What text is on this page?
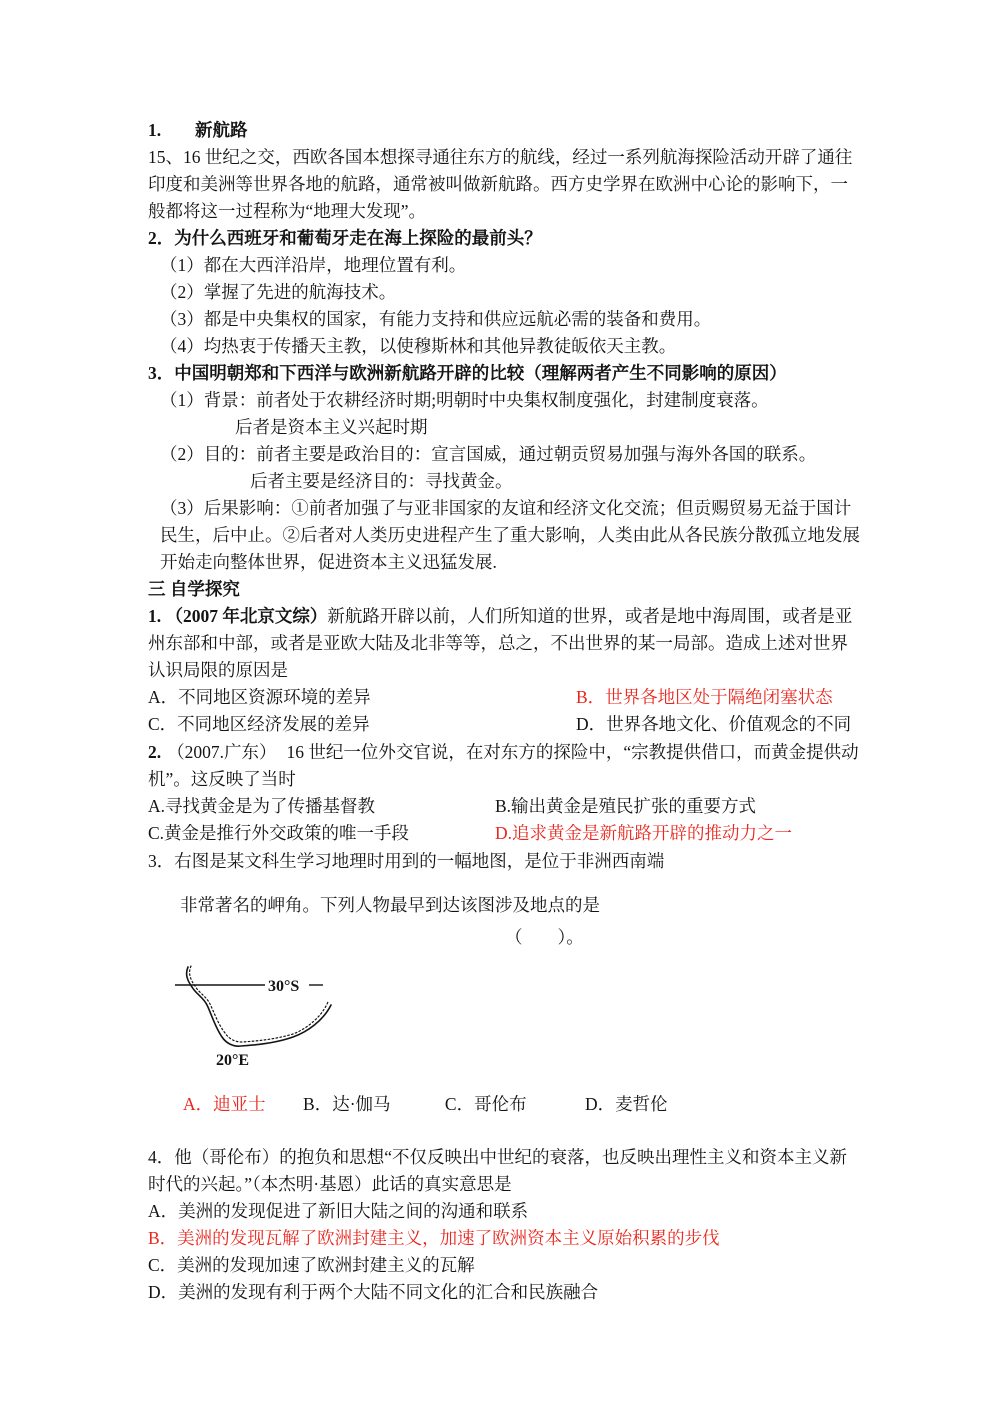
1.	新航路

15、16 世纪之交，西欧各国本想探寻通往东方的航线，经过一系列航海探险活动开辟了通往印度和美洲等世界各地的航路，通常被叫做新航路。西方史学界在欧洲中心论的影响下，一般都将这一过程称为“地理大发现”。

2．为什么西班牙和葡萄牙走在海上探险的最前头？

（1）都在大西洋沿岸，地理位置有利。

（2）掌握了先进的航海技术。

（3）都是中央集权的国家，有能力支持和供应远航必需的装备和费用。

（4）均热衷于传播天主教，以使穆斯林和其他异教徒皈依天主教。

3．中国明朝郑和下西洋与欧洲新航路开辟的比较（理解两者产生不同影响的原因）

（1）背景：前者处于农耕经济时期;明朝时中央集权制度强化，封建制度衰落。

后者是资本主义兴起时期

（2）目的：前者主要是政治目的：宣言国威，通过朝贡贸易加强与海外各国的联系。

后者主要是经济目的：寻找黄金。

（3）后果影响：①前者加强了与亚非国家的友谊和经济文化交流；但贡赐贸易无益于国计民生，后中止。②后者对人类历史进程产生了重大影响，人类由此从各民族分散孤立地发展开始走向整体世界，促进资本主义迅猛发展.

三 自学探究

1. （2007 年北京文综）新航路开辟以前，人们所知道的世界，或者是地中海周围，或者是亚州东部和中部，或者是亚欧大陆及北非等等，总之，不出世界的某一局部。造成上述对世界认识局限的原因是

A．不同地区资源环境的差异	B．世界各地区处于隔绝闭塞状态

C．不同地区经济发展的差异	D．世界各地文化、价值观念的不同

2. （2007.广东） 16 世纪一位外交官说，在对东方的探险中，“宗教提供借口，而黄金提供动机”。这反映了当时

A.寻找黄金是为了传播基督教	B.输出黄金是殖民扩张的重要方式

C.黄金是推行外交政策的唯一手段	D.追求黄金是新航路开辟的推动力之一

3．右图是某文科生学习地理时用到的一幅地图，是位于非洲西南端

非常著名的岬角。下列人物最早到达该图涉及地点的是

（　　）。

30°S
20°E

A．迪亚士 B．达·伽马	C．哥伦布	D．麦哲伦

4．他（哥伦布）的抱负和思想“不仅反映出中世纪的衰落，也反映出理性主义和资本主义新时代的兴起。”（本杰明·基恩）此话的真实意思是

A．美洲的发现促进了新旧大陆之间的沟通和联系

B．美洲的发现瓦解了欧洲封建主义，加速了欧洲资本主义原始积累的步伐

C．美洲的发现加速了欧洲封建主义的瓦解

D．美洲的发现有利于两个大陆不同文化的汇合和民族融合
